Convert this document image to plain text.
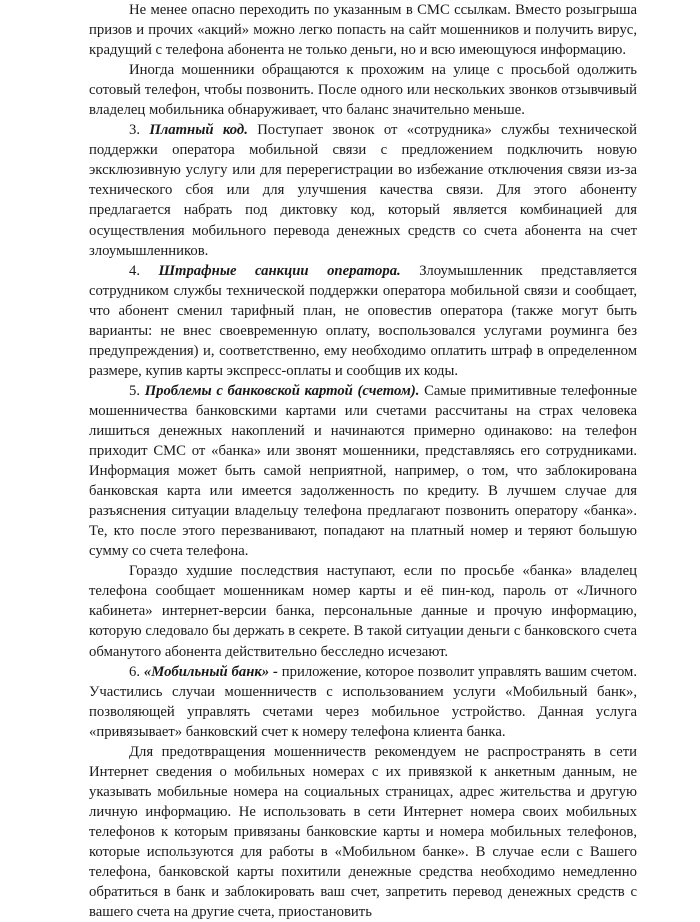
Не менее опасно переходить по указанным в СМС ссылкам. Вместо розыгрыша призов и прочих «акций» можно легко попасть на сайт мошенников и получить вирус, крадущий с телефона абонента не только деньги, но и всю имеющуюся информацию.

Иногда мошенники обращаются к прохожим на улице с просьбой одолжить сотовый телефон, чтобы позвонить. После одного или нескольких звонков отзывчивый владелец мобильника обнаруживает, что баланс значительно меньше.

3. Платный код. Поступает звонок от «сотрудника» службы технической поддержки оператора мобильной связи с предложением подключить новую эксклюзивную услугу или для перерегистрации во избежание отключения связи из-за технического сбоя или для улучшения качества связи. Для этого абоненту предлагается набрать под диктовку код, который является комбинацией для осуществления мобильного перевода денежных средств со счета абонента на счет злоумышленников.

4. Штрафные санкции оператора. Злоумышленник представляется сотрудником службы технической поддержки оператора мобильной связи и сообщает, что абонент сменил тарифный план, не оповестив оператора (также могут быть варианты: не внес своевременную оплату, воспользовался услугами роуминга без предупреждения) и, соответственно, ему необходимо оплатить штраф в определенном размере, купив карты экспресс-оплаты и сообщив их коды.

5. Проблемы с банковской картой (счетом). Самые примитивные телефонные мошенничества банковскими картами или счетами рассчитаны на страх человека лишиться денежных накоплений и начинаются примерно одинаково: на телефон приходит СМС от «банка» или звонят мошенники, представляясь его сотрудниками. Информация может быть самой неприятной, например, о том, что заблокирована банковская карта или имеется задолженность по кредиту. В лучшем случае для разъяснения ситуации владельцу телефона предлагают позвонить оператору «банка». Те, кто после этого перезванивают, попадают на платный номер и теряют большую сумму со счета телефона.

Гораздо худшие последствия наступают, если по просьбе «банка» владелец телефона сообщает мошенникам номер карты и её пин-код, пароль от «Личного кабинета» интернет-версии банка, персональные данные и прочую информацию, которую следовало бы держать в секрете. В такой ситуации деньги с банковского счета обманутого абонента действительно бесследно исчезают.

6. «Мобильный банк» - приложение, которое позволит управлять вашим счетом. Участились случаи мошенничеств с использованием услуги «Мобильный банк», позволяющей управлять счетами через мобильное устройство. Данная услуга «привязывает» банковский счет к номеру телефона клиента банка.

Для предотвращения мошенничеств рекомендуем не распространять в сети Интернет сведения о мобильных номерах с их привязкой к анкетным данным, не указывать мобильные номера на социальных страницах, адрес жительства и другую личную информацию. Не использовать в сети Интернет номера своих мобильных телефонов к которым привязаны банковские карты и номера мобильных телефонов, которые используются для работы в «Мобильном банке». В случае если с Вашего телефона, банковской карты похитили денежные средства необходимо немедленно обратиться в банк и заблокировать ваш счет, запретить перевод денежных средств с вашего счета на другие счета, приостановить
